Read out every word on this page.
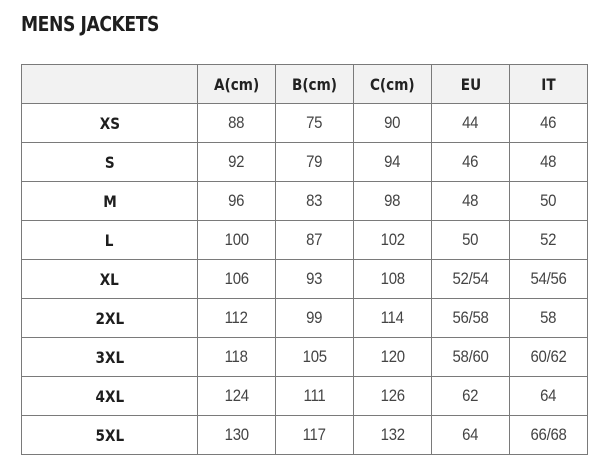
MENS JACKETS
	A(cm)	B(cm)	C(cm)	EU	IT
XS	88	75	90	44	46
S	92	79	94	46	48
M	96	83	98	48	50
L	100	87	102	50	52
XL	106	93	108	52/54	54/56
2XL	112	99	114	56/58	58
3XL	118	105	120	58/60	60/62
4XL	124	111	126	62	64
5XL	130	117	132	64	66/68
